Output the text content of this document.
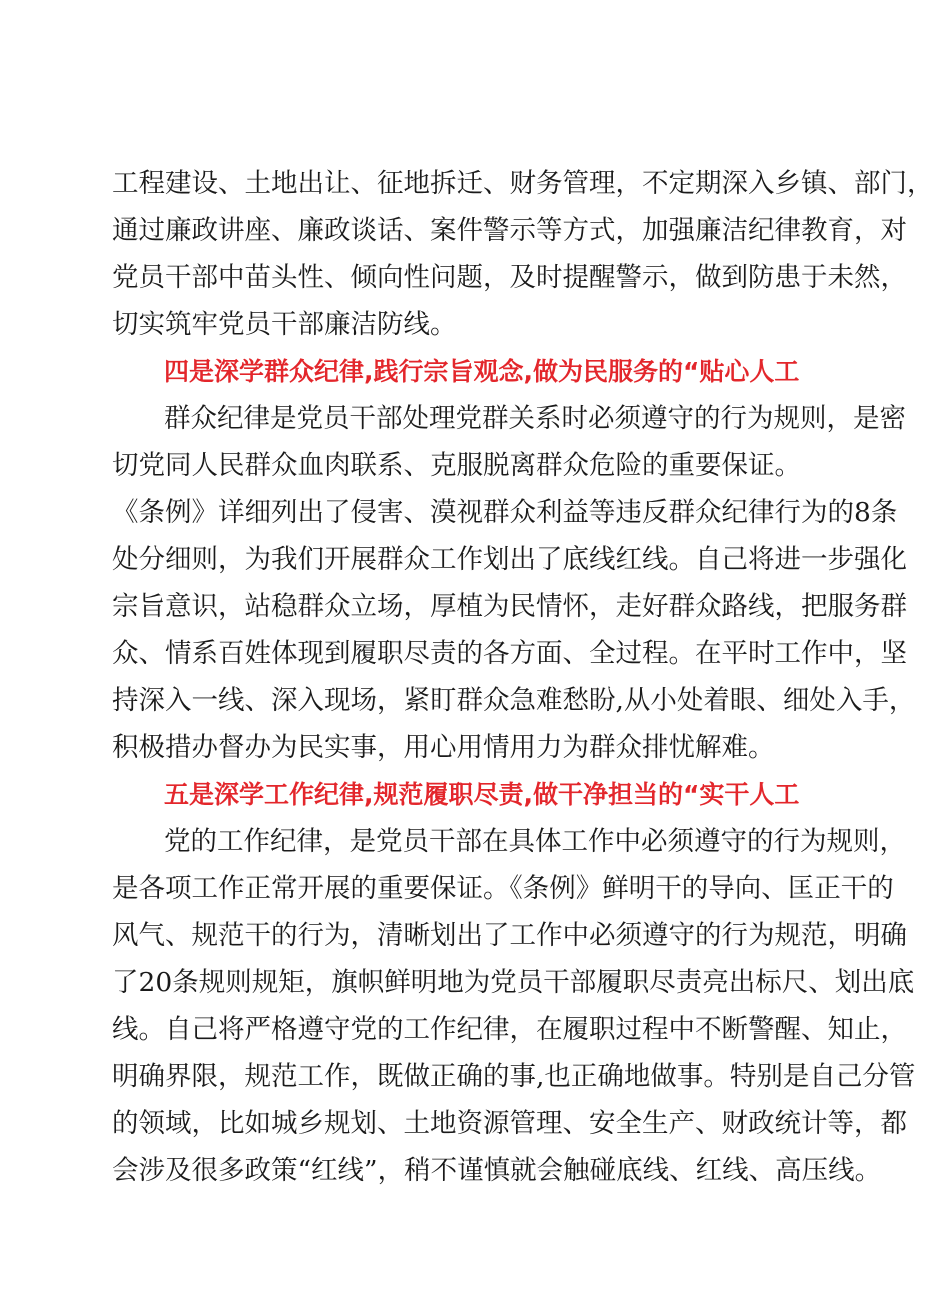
工程建设、土地出让、征地拆迁、财务管理，不定期深入乡镇、部门，
通过廉政讲座、廉政谈话、案件警示等方式，加强廉洁纪律教育，对
党员干部中苗头性、倾向性问题，及时提醒警示，做到防患于未然，
切实筑牢党员干部廉洁防线。
四是深学群众纪律,践行宗旨观念,做为民服务的“贴心人工
群众纪律是党员干部处理党群关系时必须遵守的行为规则，是密
切党同人民群众血肉联系、克服脱离群众危险的重要保证。
《条例》详细列出了侵害、漠视群众利益等违反群众纪律行为的8条
处分细则，为我们开展群众工作划出了底线红线。自己将进一步强化
宗旨意识，站稳群众立场，厚植为民情怀，走好群众路线，把服务群
众、情系百姓体现到履职尽责的各方面、全过程。在平时工作中，坚
持深入一线、深入现场，紧盯群众急难愁盼,从小处着眼、细处入手，
积极措办督办为民实事，用心用情用力为群众排忧解难。
五是深学工作纪律,规范履职尽责,做干净担当的“实干人工
党的工作纪律，是党员干部在具体工作中必须遵守的行为规则，
是各项工作正常开展的重要保证。《条例》鲜明干的导向、匡正干的
风气、规范干的行为，清晰划出了工作中必须遵守的行为规范，明确
了20条规则规矩，旗帜鲜明地为党员干部履职尽责亮出标尺、划出底
线。自己将严格遵守党的工作纪律，在履职过程中不断警醒、知止，
明确界限，规范工作，既做正确的事,也正确地做事。特别是自己分管
的领域，比如城乡规划、土地资源管理、安全生产、财政统计等，都
会涉及很多政策“红线”，稍不谨慎就会触碰底线、红线、高压线。
